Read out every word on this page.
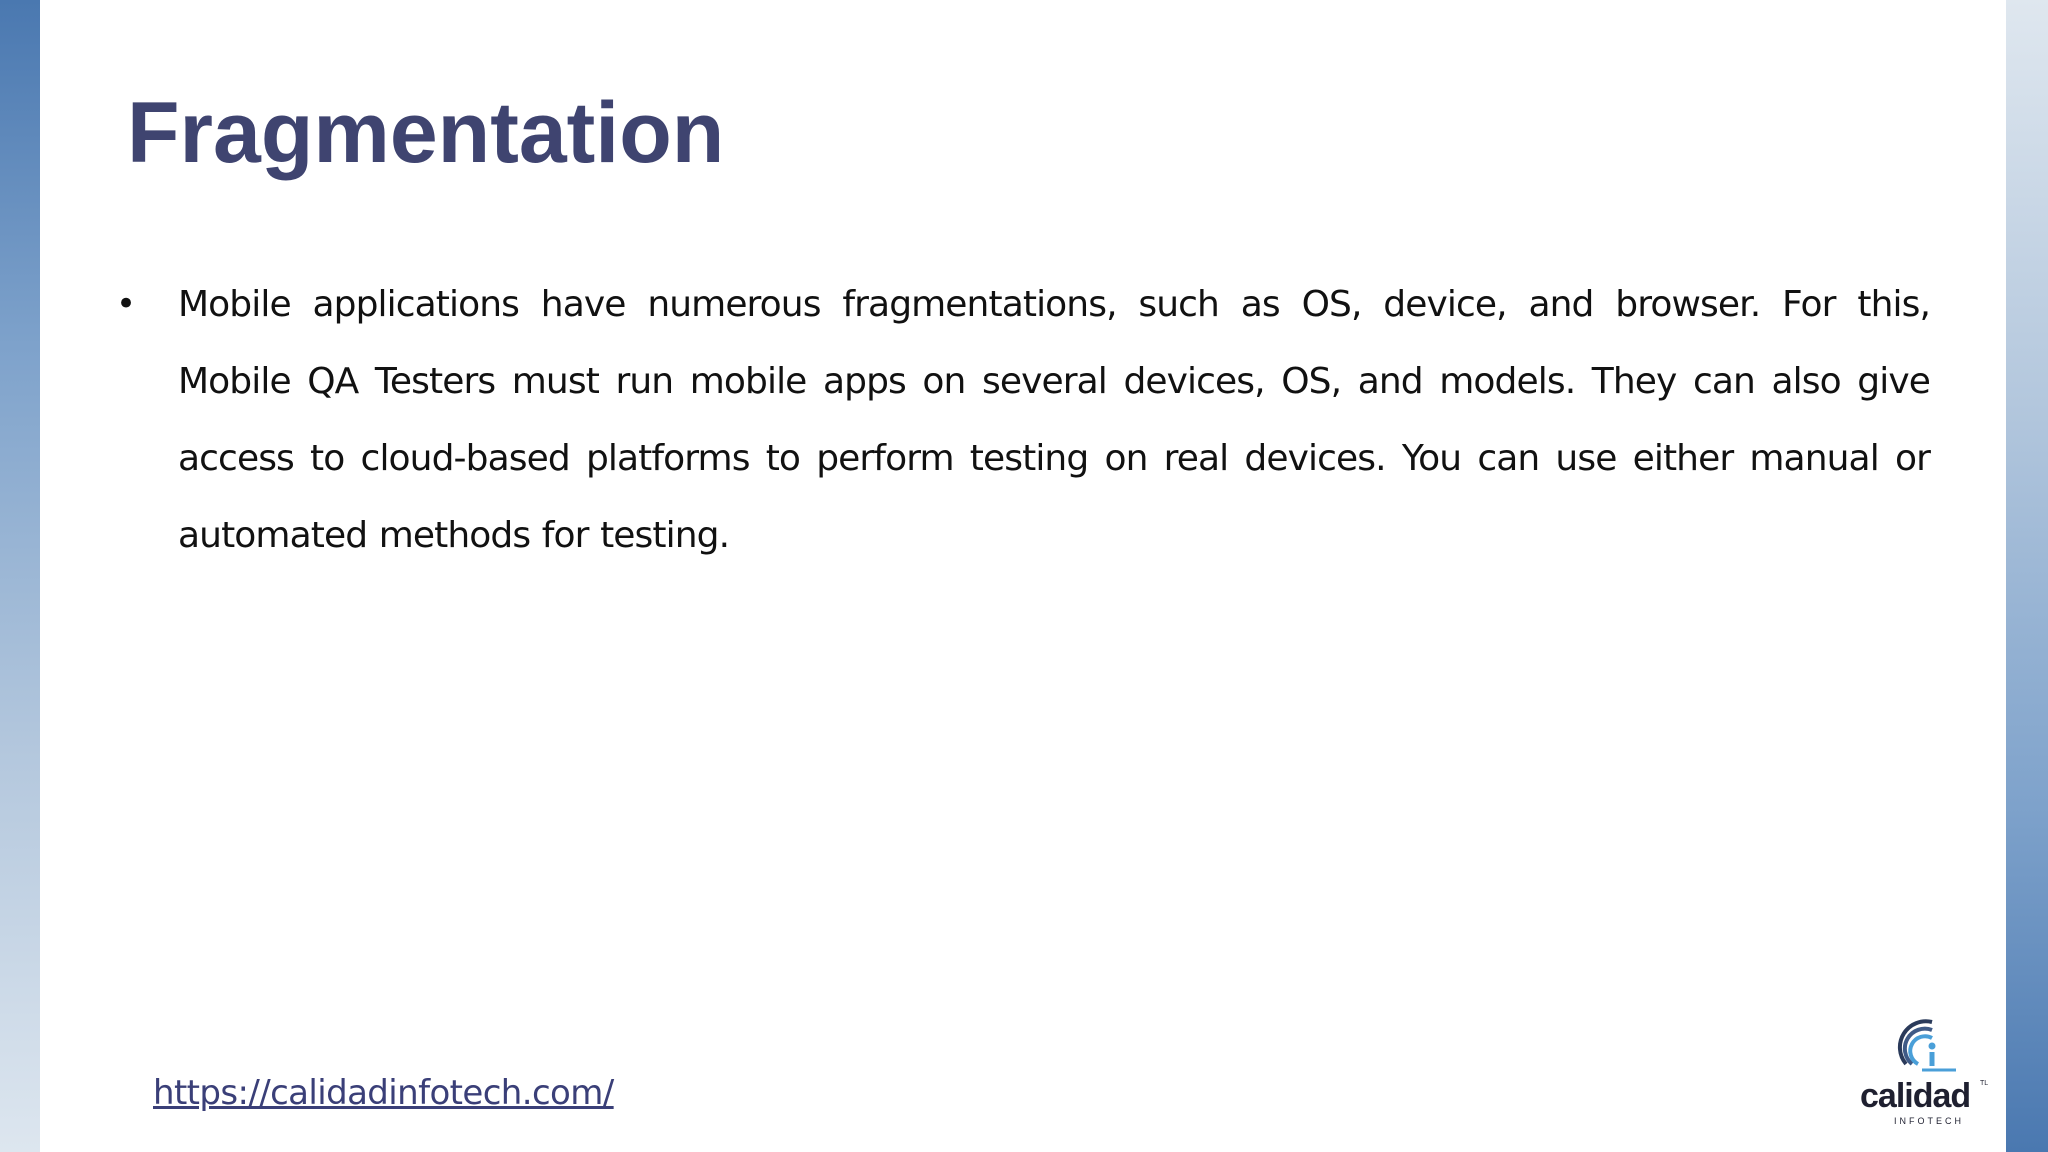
Fragmentation
• Mobile applications have numerous fragmentations, such as OS, device, and browser. For this, Mobile QA Testers must run mobile apps on several devices, OS, and models. They can also give access to cloud-based platforms to perform testing on real devices. You can use either manual or automated methods for testing.
https://calidadinfotech.com/	calidad TL
INFOTECH
